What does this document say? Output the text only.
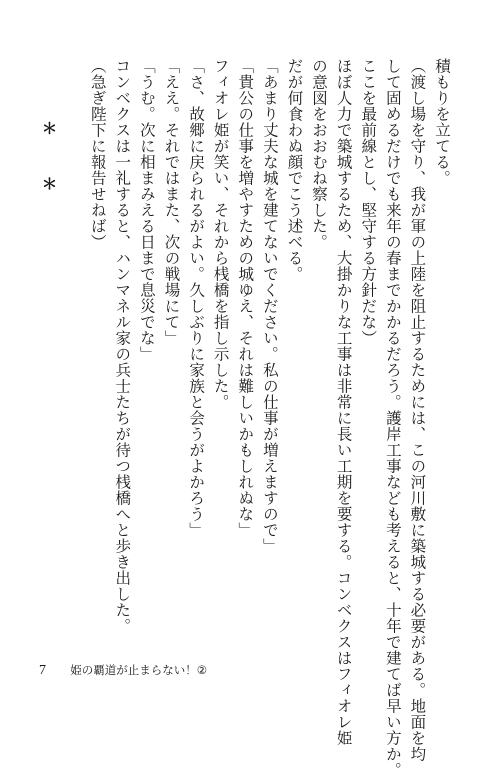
積もりを立てる。
（渡し場を守り、我が軍の上陸を阻止するためには、この河川敷に築城する必要がある。地面を均
して固めるだけでも来年の春までかかるだろう。護岸工事なども考えると、十年で建てば早い方か。
ここを最前線とし、堅守する方針だな）
ほぼ人力で築城するため、大掛かりな工事は非常に長い工期を要する。コンベクスはフィオレ姫
の意図をおおむね察した。
だが何食わぬ顔でこう述べる。
「あまり丈夫な城を建てないでください。私の仕事が増えますので」
「貴公の仕事を増やすための城ゆえ、それは難しいかもしれぬな」
フィオレ姫が笑い、それから桟橋を指し示した。
「さ、故郷に戻られるがよい。久しぶりに家族と会うがよかろう」
「ええ。それではまた、次の戦場にて」
「うむ。次に相まみえる日まで息災でな」
コンベクスは一礼すると、ハンマネル家の兵士たちが待つ桟橋へと歩き出した。
（急ぎ陛下に報告せねば）
＊＊
7 姫の覇道が止まらない！②
